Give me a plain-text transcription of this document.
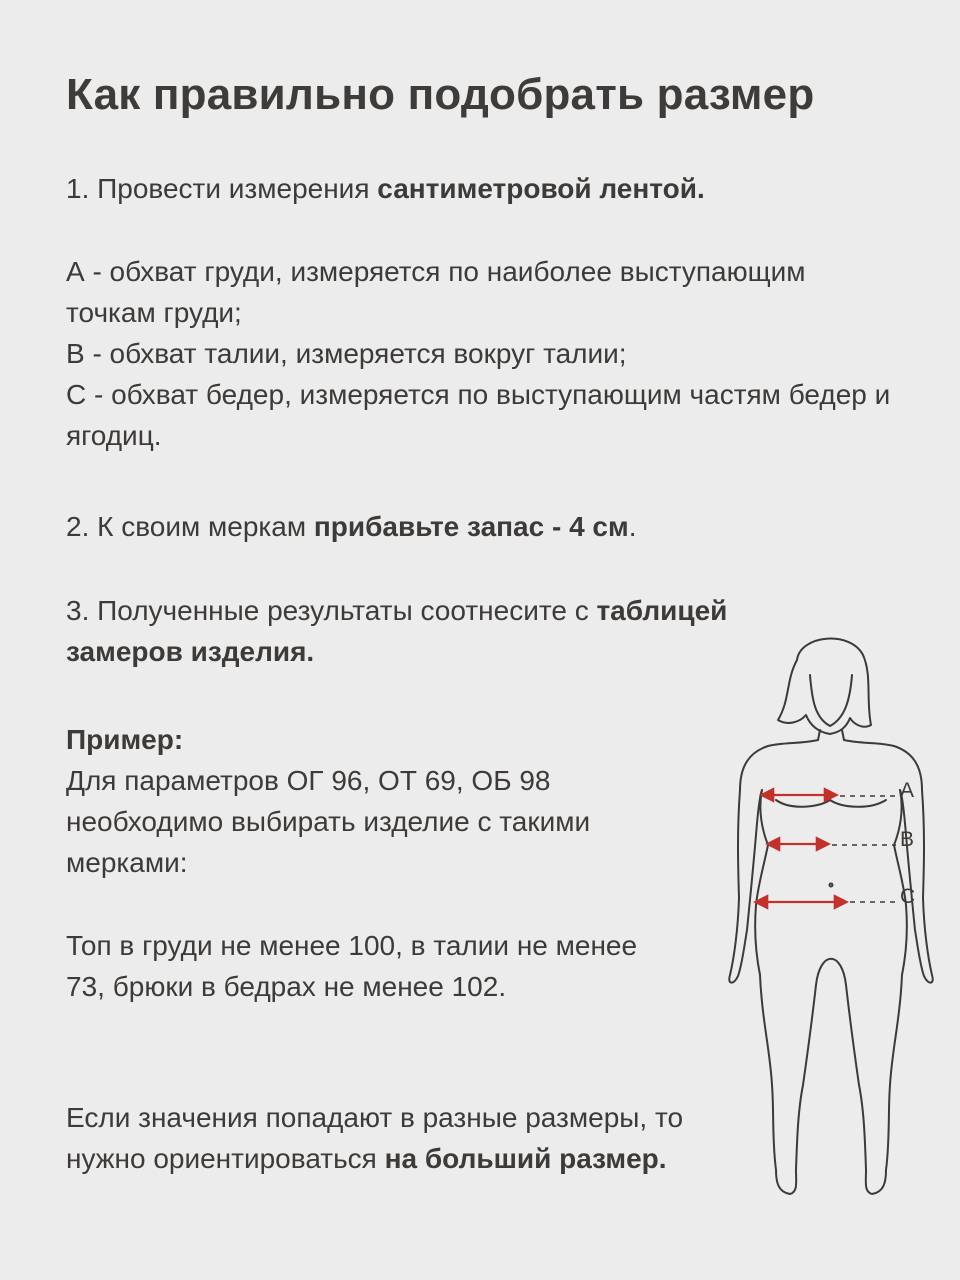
Как правильно подобрать размер

1. Провести измерения сантиметровой лентой.

А - обхват груди, измеряется по наиболее выступающим точкам груди;
В - обхват талии, измеряется вокруг талии;
С - обхват бедер, измеряется по выступающим частям бедер и ягодиц.

2. К своим меркам прибавьте запас - 4 см.

3. Полученные результаты соотнесите с таблицей замеров изделия.

Пример:
Для параметров ОГ 96, ОТ 69, ОБ 98 необходимо выбирать изделие с такими мерками:

Топ в груди не менее 100, в талии не менее 73, брюки в бедрах не менее 102.

Если значения попадают в разные размеры, то нужно ориентироваться на больший размер.

A
B
C
